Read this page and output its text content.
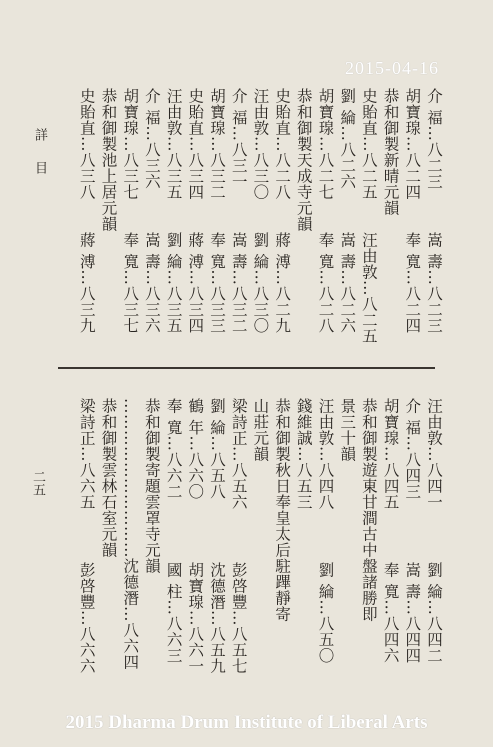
2015-04-16
詳目
二五
介 福…八二三
嵩 壽…八二三
胡寶瑔…八二四
奉 寬…八二四
恭和御製新晴元韻
史貽直…八二五
汪由敦…八二五
劉 綸…八二六
嵩 壽…八二六
胡寶瑔…八二七
奉 寬…八二八
恭和御製天成寺元韻
史貽直…八二八
蔣 溥…八二九
汪由敦…八三〇
劉 綸…八三〇
介 福…八三一
嵩 壽…八三二
胡寶瑔…八三二
奉 寬…八三三
史貽直…八三四
蔣 溥…八三四
汪由敦…八三五
劉 綸…八三五
介 福…八三六
嵩 壽…八三六
胡寶瑔…八三七
奉 寬…八三七
恭和御製池上居元韻
史貽直…八三八
蔣 溥…八三九
汪由敦…八四一
劉 綸…八四二
介 福…八四三
嵩 壽…八四四
胡寶瑔…八四五
奉 寬…八四六
恭和御製遊東甘澗古中盤諸勝即
景三十韻
汪由敦…八四八
劉 綸…八五〇
錢維誠…八五三
恭和御製秋日奉皇太后駐蹕靜寄
山莊元韻
梁詩正…八五六
彭啓豐…八五七
劉 綸…八五八
沈德潛…八五九
鶴 年…八六〇
胡寶瑔…八六一
奉 寬…八六二
國 柱…八六三
恭和御製寄題雲罩寺元韻
…………………………沈德潛…八六四
恭和御製雲林石室元韻
梁詩正…八六五
彭啓豐…八六六
2015 Dharma Drum Institute of Liberal Arts
